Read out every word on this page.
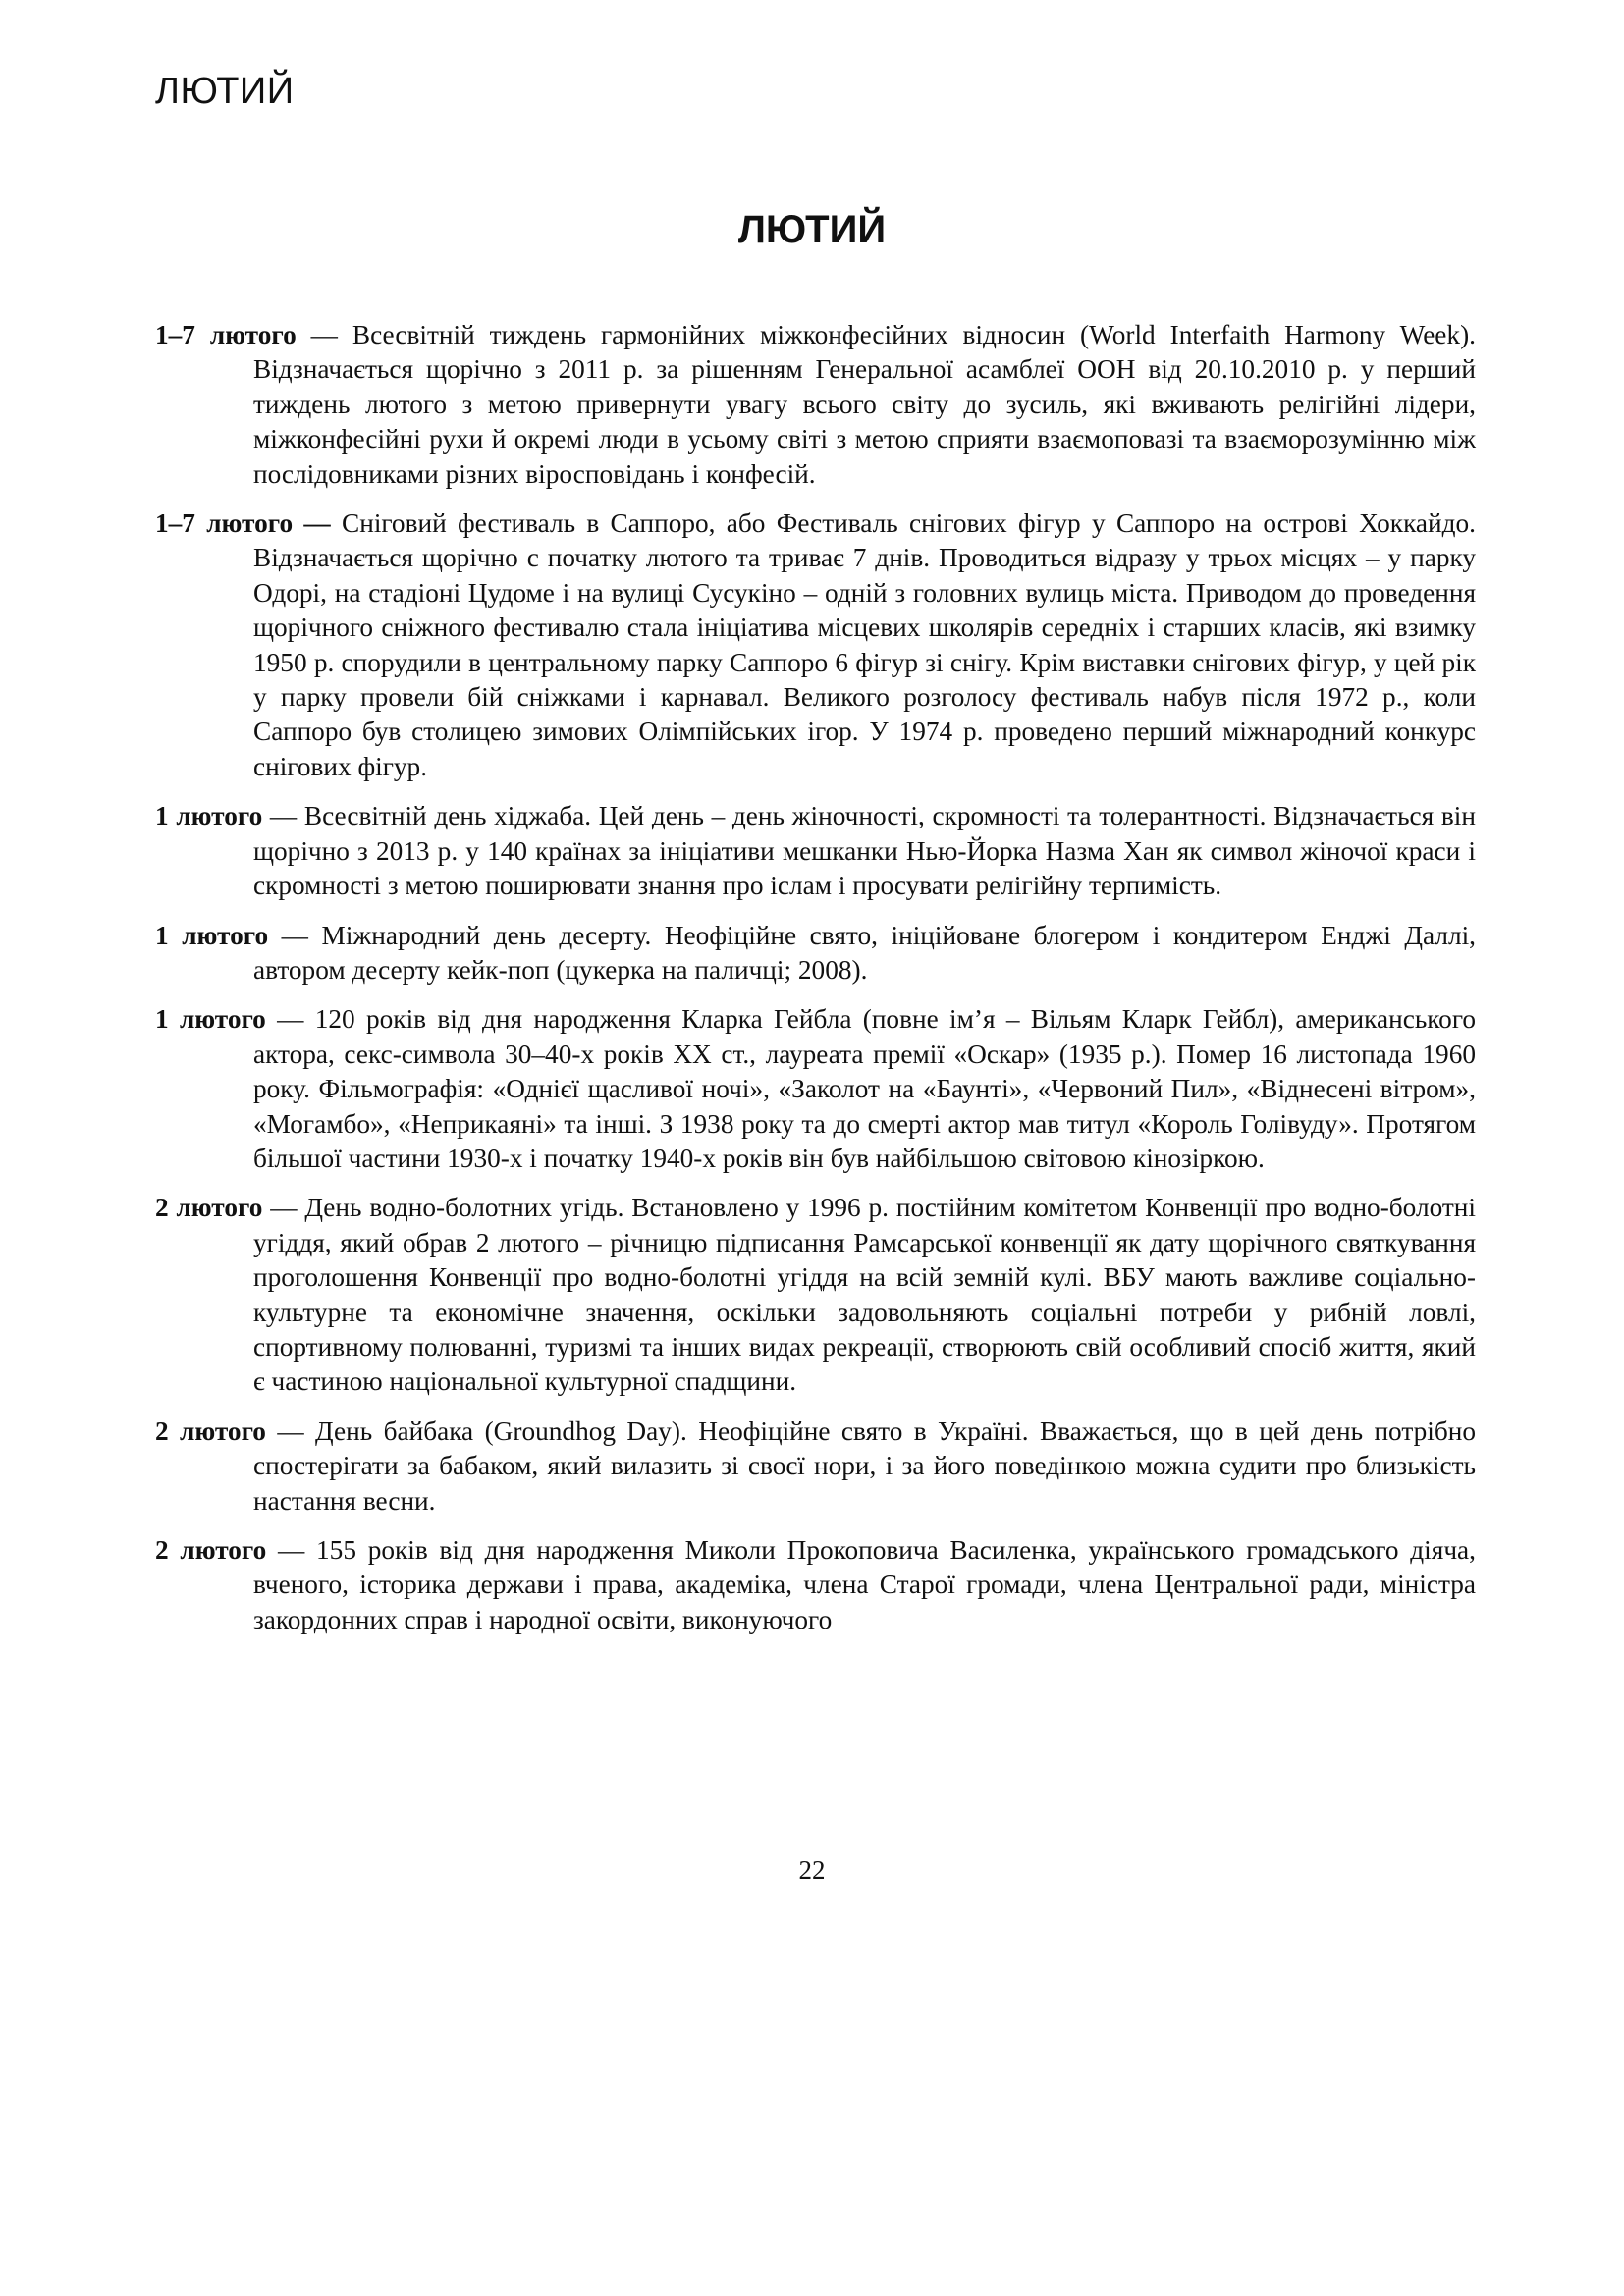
ЛЮТИЙ
ЛЮТИЙ

1–7 лютого — Всесвітній тиждень гармонійних міжконфесійних відносин (World Interfaith Harmony Week). Відзначається щорічно з 2011 р. за рішенням Генеральної асамблеї ООН від 20.10.2010 р. у перший тиждень лютого з метою привернути увагу всього світу до зусиль, які вживають релігійні лідери, міжконфесійні рухи й окремі люди в усьому світі з метою сприяти взаємоповазі та взаєморозумінню між послідовниками різних віросповідань і конфесій.

1–7 лютого — Сніговий фестиваль в Саппоро, або Фестиваль снігових фігур у Саппоро на острові Хоккайдо. Відзначається щорічно с початку лютого та триває 7 днів. Проводиться відразу у трьох місцях – у парку Одорі, на стадіоні Цудоме і на вулиці Сусукіно – одній з головних вулиць міста. Приводом до проведення щорічного сніжного фестивалю стала ініціатива місцевих школярів середніх і старших класів, які взимку 1950 р. спорудили в центральному парку Саппоро 6 фігур зі снігу. Крім виставки снігових фігур, у цей рік у парку провели бій сніжками і карнавал. Великого розголосу фестиваль набув після 1972 р., коли Саппоро був столицею зимових Олімпійських ігор. У 1974 р. проведено перший міжнародний конкурс снігових фігур.

1 лютого — Всесвітній день хіджаба. Цей день – день жіночності, скромності та толерантності. Відзначається він щорічно з 2013 р. у 140 країнах за ініціативи мешканки Нью-Йорка Назма Хан як символ жіночої краси і скромності з метою поширювати знання про іслам і просувати релігійну терпимість.

1 лютого — Міжнародний день десерту. Неофіційне свято, ініційоване блогером і кондитером Енджі Даллі, автором десерту кейк-поп (цукерка на паличці; 2008).

1 лютого — 120 років від дня народження Кларка Гейбла (повне ім’я – Вільям Кларк Гейбл), американського актора, секс-символа 30–40-х років ХХ ст., лауреата премії «Оскар» (1935 р.). Помер 16 листопада 1960 року. Фільмографія: «Однієї щасливої ночі», «Заколот на «Баунті», «Червоний Пил», «Віднесені вітром», «Могамбо», «Неприкаяні» та інші. З 1938 року та до смерті актор мав титул «Король Голівуду». Протягом більшої частини 1930-х і початку 1940-х років він був найбільшою світовою кінозіркою.

2 лютого — День водно-болотних угідь. Встановлено у 1996 р. постійним комітетом Конвенції про водно-болотні угіддя, який обрав 2 лютого – річницю підписання Рамсарської конвенції як дату щорічного святкування проголошення Конвенції про водно-болотні угіддя на всій земній кулі. ВБУ мають важливе соціально-культурне та економічне значення, оскільки задовольняють соціальні потреби у рибній ловлі, спортивному полюванні, туризмі та інших видах рекреації, створюють свій особливий спосіб життя, який є частиною національної культурної спадщини.

2 лютого — День байбака (Groundhog Day). Неофіційне свято в Україні. Вважається, що в цей день потрібно спостерігати за бабаком, який вилазить зі своєї нори, і за його поведінкою можна судити про близькість настання весни.

2 лютого — 155 років від дня народження Миколи Прокоповича Василенка, українського громадського діяча, вченого, історика держави і права, академіка, члена Старої громади, члена Центральної ради, міністра закордонних справ і народної освіти, виконуючого

22
